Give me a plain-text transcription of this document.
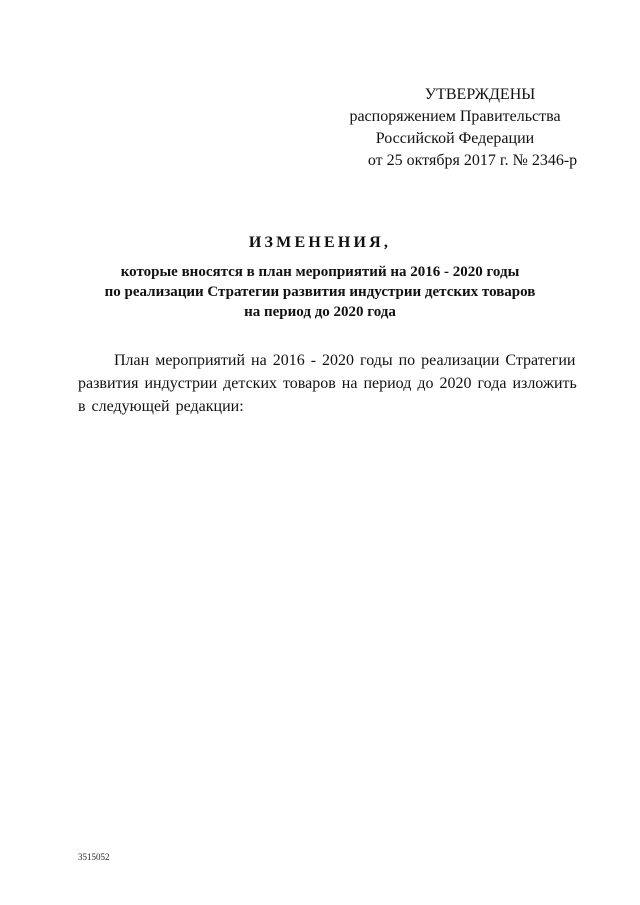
УТВЕРЖДЕНЫ
распоряжением Правительства
Российской Федерации
от 25 октября 2017 г. № 2346-р
ИЗМЕНЕНИЯ,
которые вносятся в план мероприятий на 2016 - 2020 годы
по реализации Стратегии развития индустрии детских товаров
на период до 2020 года
План мероприятий на 2016 - 2020 годы по реализации Стратегии
развития индустрии детских товаров на период до 2020 года изложить
в следующей редакции:
3515052
